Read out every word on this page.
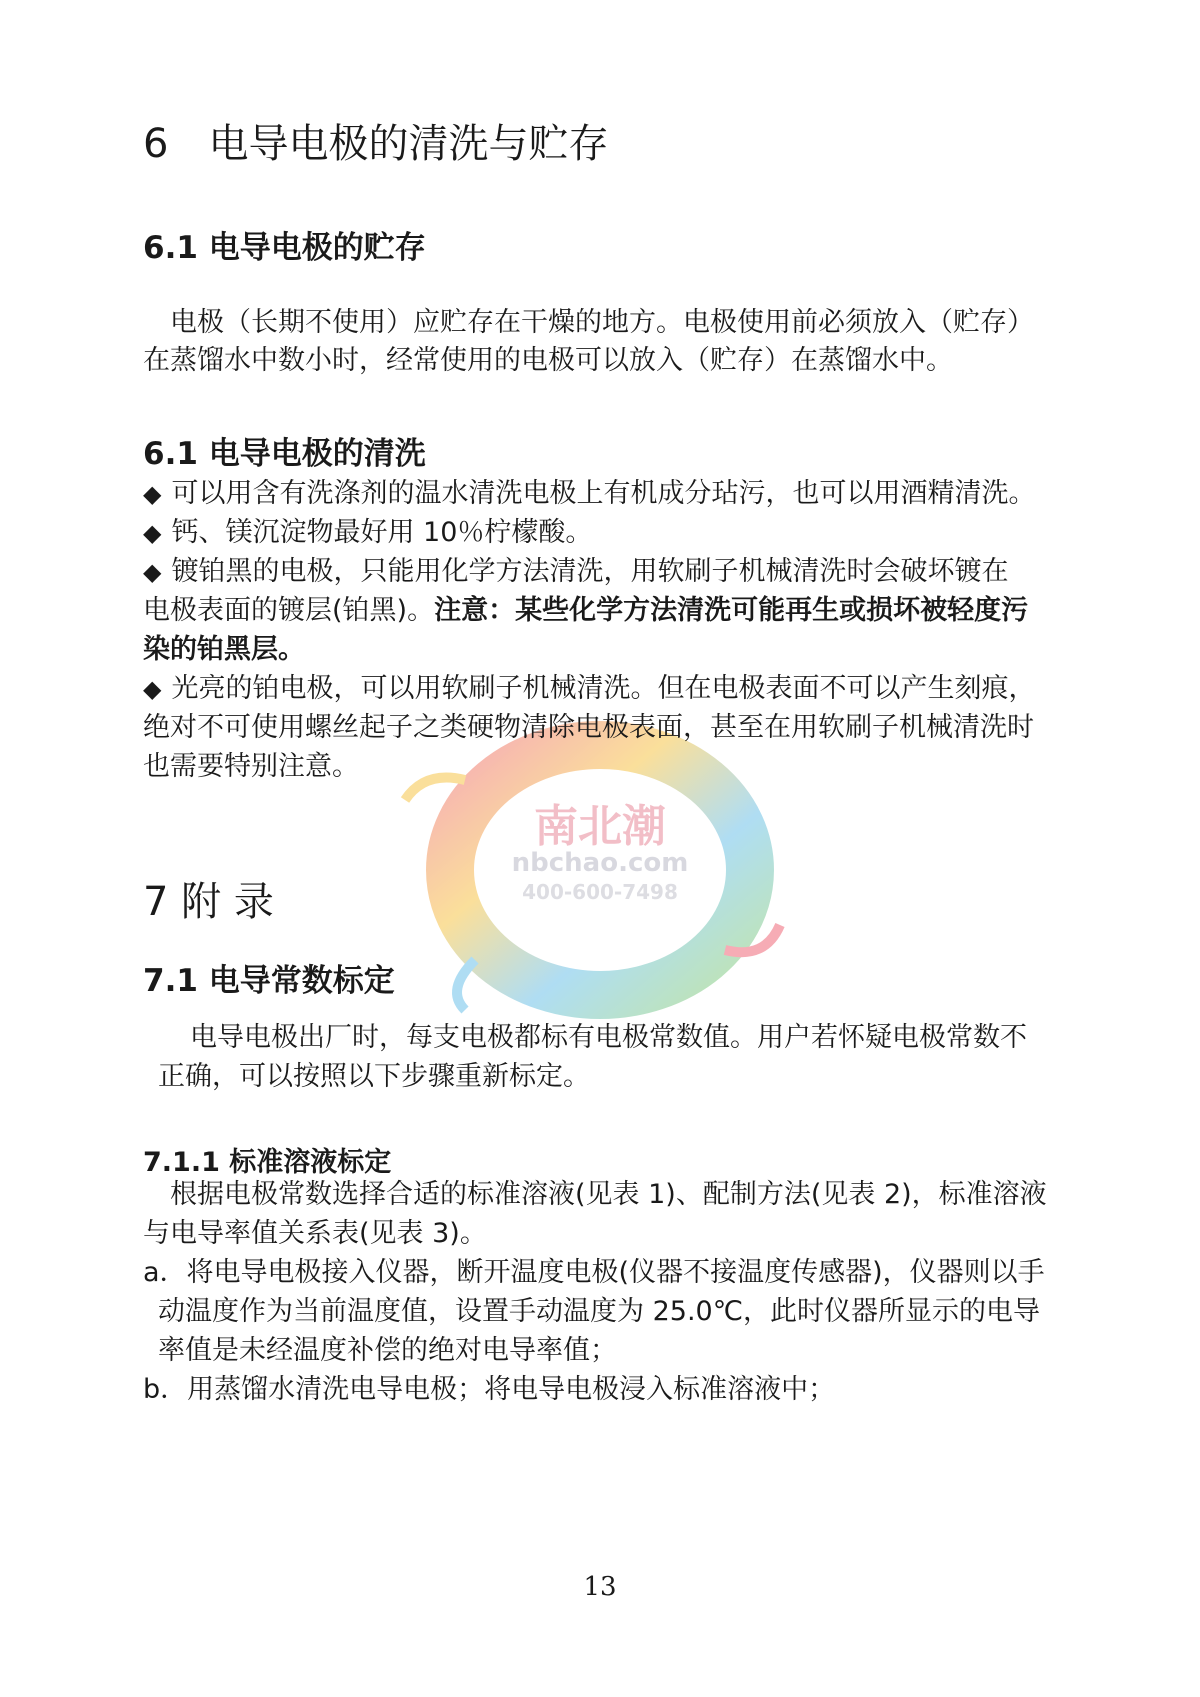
南北潮
nbchao.com
400-600-7498
6　电导电极的清洗与贮存
6.1 电导电极的贮存
　电极（长期不使用）应贮存在干燥的地方。电极使用前必须放入（贮存）
在蒸馏水中数小时，经常使用的电极可以放入（贮存）在蒸馏水中。
6.1 电导电极的清洗
◆ 可以用含有洗涤剂的温水清洗电极上有机成分玷污，也可以用酒精清洗。
◆ 钙、镁沉淀物最好用 10％柠檬酸。
◆ 镀铂黑的电极，只能用化学方法清洗，用软刷子机械清洗时会破坏镀在
电极表面的镀层(铂黑)。注意：某些化学方法清洗可能再生或损坏被轻度污
染的铂黑层。
◆ 光亮的铂电极，可以用软刷子机械清洗。但在电极表面不可以产生刻痕，
绝对不可使用螺丝起子之类硬物清除电极表面，甚至在用软刷子机械清洗时
也需要特别注意。
7 附 录
7.1 电导常数标定
电导电极出厂时，每支电极都标有电极常数值。用户若怀疑电极常数不
正确，可以按照以下步骤重新标定。
7.1.1 标准溶液标定
　根据电极常数选择合适的标准溶液(见表 1)、配制方法(见表 2)，标准溶液
与电导率值关系表(见表 3)。
a．将电导电极接入仪器，断开温度电极(仪器不接温度传感器)，仪器则以手
动温度作为当前温度值，设置手动温度为 25.0℃，此时仪器所显示的电导
率值是未经温度补偿的绝对电导率值；
b．用蒸馏水清洗电导电极；将电导电极浸入标准溶液中；
13
